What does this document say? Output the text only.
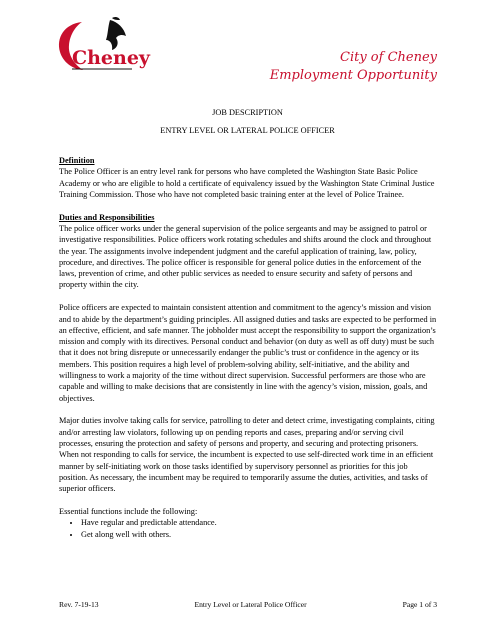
Cheney	City of Cheney
Employment Opportunity
JOB DESCRIPTION
ENTRY LEVEL OR LATERAL POLICE OFFICER

Definition

The Police Officer is an entry level rank for persons who have completed the Washington State Basic Police Academy or who are eligible to hold a certificate of equivalency issued by the Washington State Criminal Justice Training Commission. Those who have not completed basic training enter at the level of Police Trainee.

Duties and Responsibilities

The police officer works under the general supervision of the police sergeants and may be assigned to patrol or investigative responsibilities. Police officers work rotating schedules and shifts around the clock and throughout the year. The assignments involve independent judgment and the careful application of training, law, policy, procedure, and directives. The police officer is responsible for general police duties in the enforcement of the laws, prevention of crime, and other public services as needed to ensure security and safety of persons and property within the city.

Police officers are expected to maintain consistent attention and commitment to the agency’s mission and vision and to abide by the department’s guiding principles. All assigned duties and tasks are expected to be performed in an effective, efficient, and safe manner. The jobholder must accept the responsibility to support the organization’s mission and comply with its directives. Personal conduct and behavior (on duty as well as off duty) must be such that it does not bring disrepute or unnecessarily endanger the public’s trust or confidence in the agency or its members. This position requires a high level of problem-solving ability, self-initiative, and the ability and willingness to work a majority of the time without direct supervision. Successful performers are those who are capable and willing to make decisions that are consistently in line with the agency’s vision, mission, goals, and objectives.

Major duties involve taking calls for service, patrolling to deter and detect crime, investigating complaints, citing and/or arresting law violators, following up on pending reports and cases, preparing and/or serving civil processes, ensuring the protection and safety of persons and property, and securing and protecting prisoners. When not responding to calls for service, the incumbent is expected to use self-directed work time in an efficient manner by self-initiating work on those tasks identified by supervisory personnel as priorities for this job position. As necessary, the incumbent may be required to temporarily assume the duties, activities, and tasks of superior officers.

Essential functions include the following:

• Have regular and predictable attendance.
• Get along well with others.
Rev. 7-19-13	Entry Level or Lateral Police Officer	Page 1 of 3
